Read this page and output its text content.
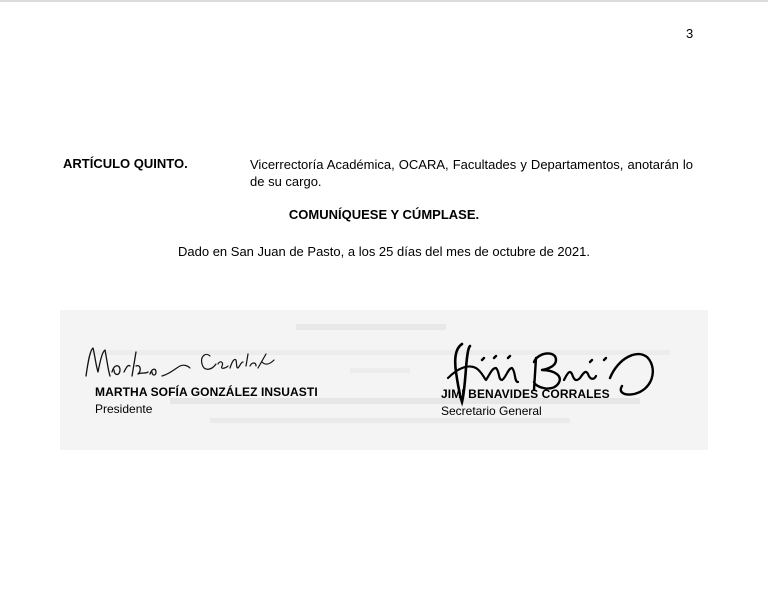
3
ARTÍCULO QUINTO.	Vicerrectoría Académica, OCARA, Facultades y Departamentos, anotarán lo de su cargo.
COMUNÍQUESE Y CÚMPLASE.
Dado en San Juan de Pasto, a los 25 días del mes de octubre de 2021.
MARTHA SOFÍA GONZÁLEZ INSUASTI
Presidente
JIMI BENAVIDES CORRALES
Secretario General
